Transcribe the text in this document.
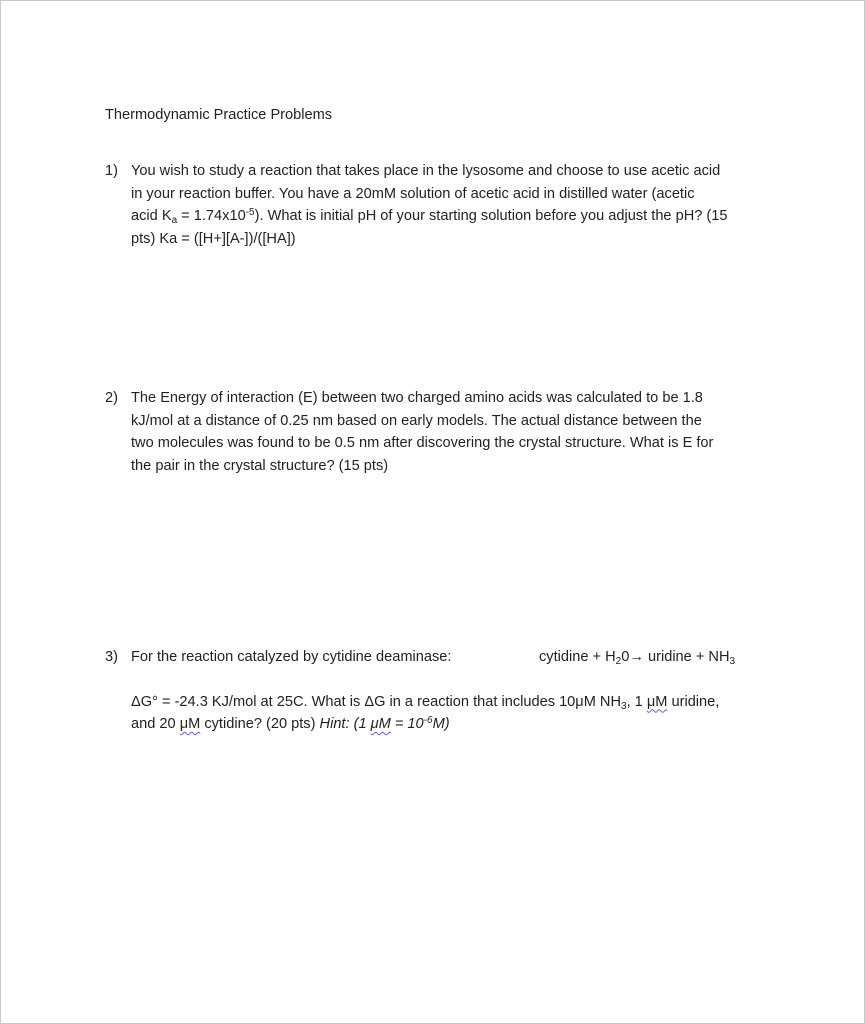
Thermodynamic Practice Problems
1) You wish to study a reaction that takes place in the lysosome and choose to use acetic acid
in your reaction buffer. You have a 20mM solution of acetic acid in distilled water (acetic
acid $K_a = 1.74x10^{-5}$). What is initial pH of your starting solution before you adjust the pH? (15
pts) Ka = ([H+][A-])/([HA])
2) The Energy of interaction (E) between two charged amino acids was calculated to be 1.8
kJ/mol at a distance of 0.25 nm based on early models. The actual distance between the
two molecules was found to be 0.5 nm after discovering the crystal structure. What is E for
the pair in the crystal structure? (15 pts)
3) For the reaction catalyzed by cytidine deaminase:	cytidine + $H_20\to$ uridine + $NH_3$
ΔG° = -24.3 KJ/mol at 25C. What is ΔG in a reaction that includes 10μM $NH_3$, 1 μM uridine,
and 20 μM cytidine? (20 pts) Hint: (1 $\mu M = 10^{-6}M$)
